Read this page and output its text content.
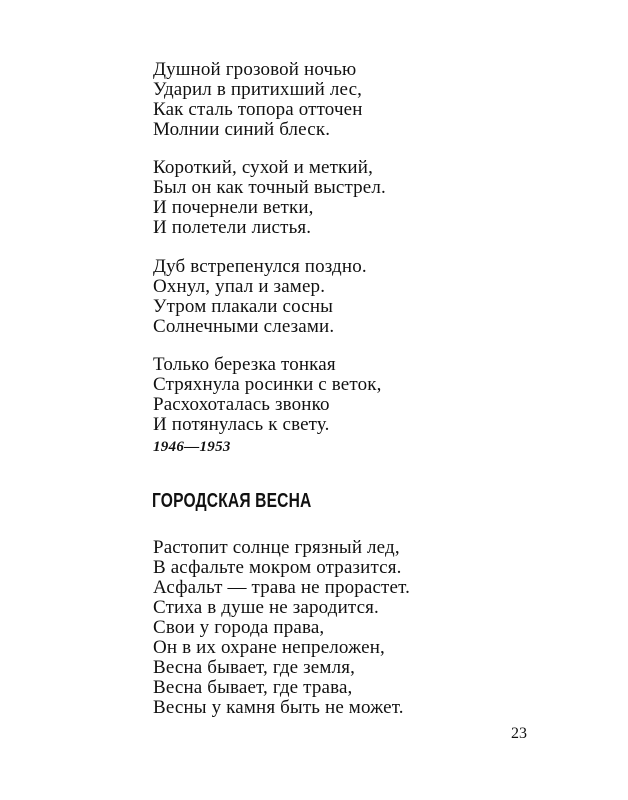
Душной грозовой ночью
Ударил в притихший лес,
Как сталь топора отточен
Молнии синий блеск.
Короткий, сухой и меткий,
Был он как точный выстрел.
И почернели ветки,
И полетели листья.
Дуб встрепенулся поздно.
Охнул, упал и замер.
Утром плакали сосны
Солнечными слезами.
Только березка тонкая
Стряхнула росинки с веток,
Расхохоталась звонко
И потянулась к свету.
1946—1953
ГОРОДСКАЯ ВЕСНА
Растопит солнце грязный лед,
В асфальте мокром отразится.
Асфальт — трава не прорастет.
Стиха в душе не зародится.
Свои у города права,
Он в их охране непреложен,
Весна бывает, где земля,
Весна бывает, где трава,
Весны у камня быть не может.
23
